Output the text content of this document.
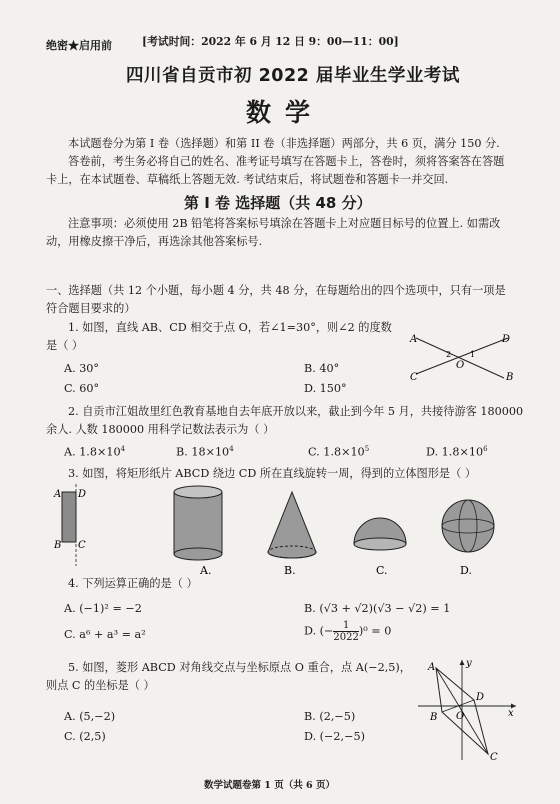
绝密★启用前	[考试时间：2022 年 6 月 12 日 9：00—11：00]
四川省自贡市初 2022 届毕业生学业考试
数学
本试题卷分为第 I 卷（选择题）和第 II 卷（非选择题）两部分，共 6 页，满分 150 分.
答卷前，考生务必将自己的姓名、准考证号填写在答题卡上，答卷时，须将答案答在答题
卡上，在本试题卷、草稿纸上答题无效. 考试结束后，将试题卷和答题卡一并交回.
第 I 卷 选择题（共 48 分）
注意事项：必须使用 2B 铅笔将答案标号填涂在答题卡上对应题目标号的位置上. 如需改
动，用橡皮擦干净后，再选涂其他答案标号.
一、选择题（共 12 个小题，每小题 4 分，共 48 分，在每题给出的四个选项中，只有一项是
符合题目要求的）
1. 如图，直线 AB、CD 相交于点 O，若∠1=30°，则∠2 的度数
是（ ）
A. 30°	B. 40°
C. 60°	D. 150°
A	D
C	B
O
2 1
2. 自贡市江姐故里红色教育基地自去年底开放以来，截止到今年 5 月，共接待游客 180000
余人. 人数 180000 用科学记数法表示为（ ）
A. $1.8\times 10^4$	B. $18\times 10^4$	C. $1.8\times 10^5$	D. $1.8\times 10^6$
3. 如图，将矩形纸片 ABCD 绕边 CD 所在直线旋转一周，得到的立体图形是（ ）
A D
B C
A.	B.	C.	D.
4. 下列运算正确的是（ ）
A. (−1)² = −2	B. (√3 + √2)(√3 − √2) = 1
C. a⁶ + a³ = a²	D. (− $\frac{1}{2022} )^0 = 0$
5. 如图，菱形 ABCD 对角线交点与坐标原点 O 重合，点 A(−2,5)，
则点 C 的坐标是（ ）
A. (5,−2)	B. (2,−5)
C. (2,5)	D. (−2,−5)
A
B
C
D
O	x
y
数学试题卷第 1 页（共 6 页）
